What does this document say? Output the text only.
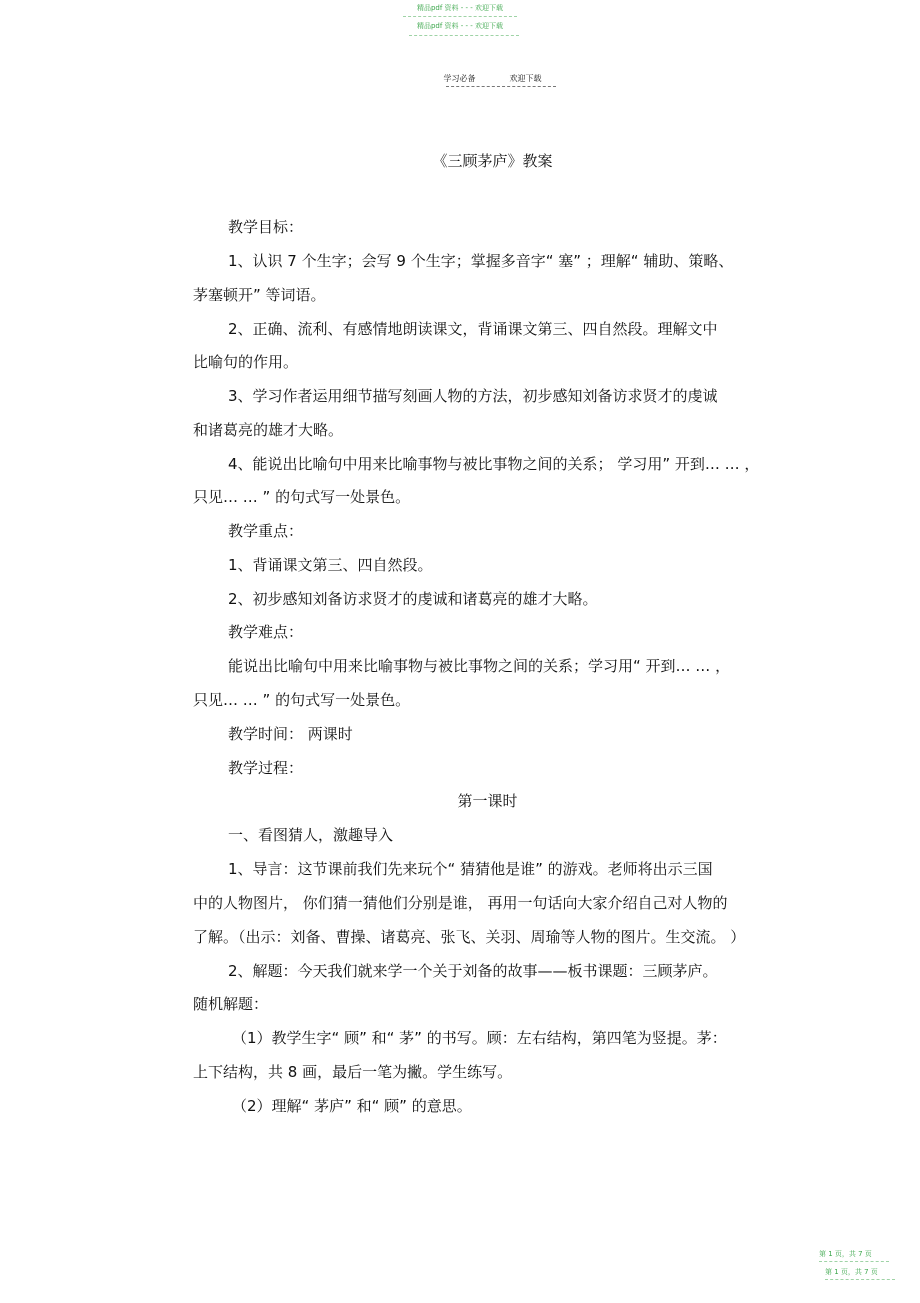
精品pdf 资料 - - - 欢迎下载
精品pdf 资料 - - - 欢迎下载
学习必备	欢迎下载
《三顾茅庐》教案
教学目标：
1、认识 7 个生字；会写 9 个生字；掌握多音字“ 塞” ；理解“ 辅助、策略、
茅塞顿开” 等词语。
2、正确、流利、有感情地朗读课文，背诵课文第三、四自然段。理解文中
比喻句的作用。
3、学习作者运用细节描写刻画人物的方法，初步感知刘备访求贤才的虔诚
和诸葛亮的雄才大略。
4、能说出比喻句中用来比喻事物与被比事物之间的关系； 学习用” 开到… … ，
只见… … ” 的句式写一处景色。
教学重点：
1、背诵课文第三、四自然段。
2、初步感知刘备访求贤才的虔诚和诸葛亮的雄才大略。
教学难点：
能说出比喻句中用来比喻事物与被比事物之间的关系；学习用“ 开到… … ，
只见… … ” 的句式写一处景色。
教学时间： 两课时
教学过程：
第一课时
一、看图猜人，激趣导入
1、导言：这节课前我们先来玩个“ 猜猜他是谁” 的游戏。老师将出示三国
中的人物图片， 你们猜一猜他们分别是谁， 再用一句话向大家介绍自己对人物的
了解。（出示：刘备、曹操、诸葛亮、张飞、关羽、周瑜等人物的图片。生交流。 ）
2、解题：今天我们就来学一个关于刘备的故事——板书课题：三顾茅庐。
随机解题：
（1）教学生字“ 顾” 和“ 茅” 的书写。顾：左右结构，第四笔为竖提。茅：
上下结构，共 8 画，最后一笔为撇。学生练写。
（2）理解“ 茅庐” 和“ 顾” 的意思。
第 1 页，共 7 页
第 1 页，共 7 页
